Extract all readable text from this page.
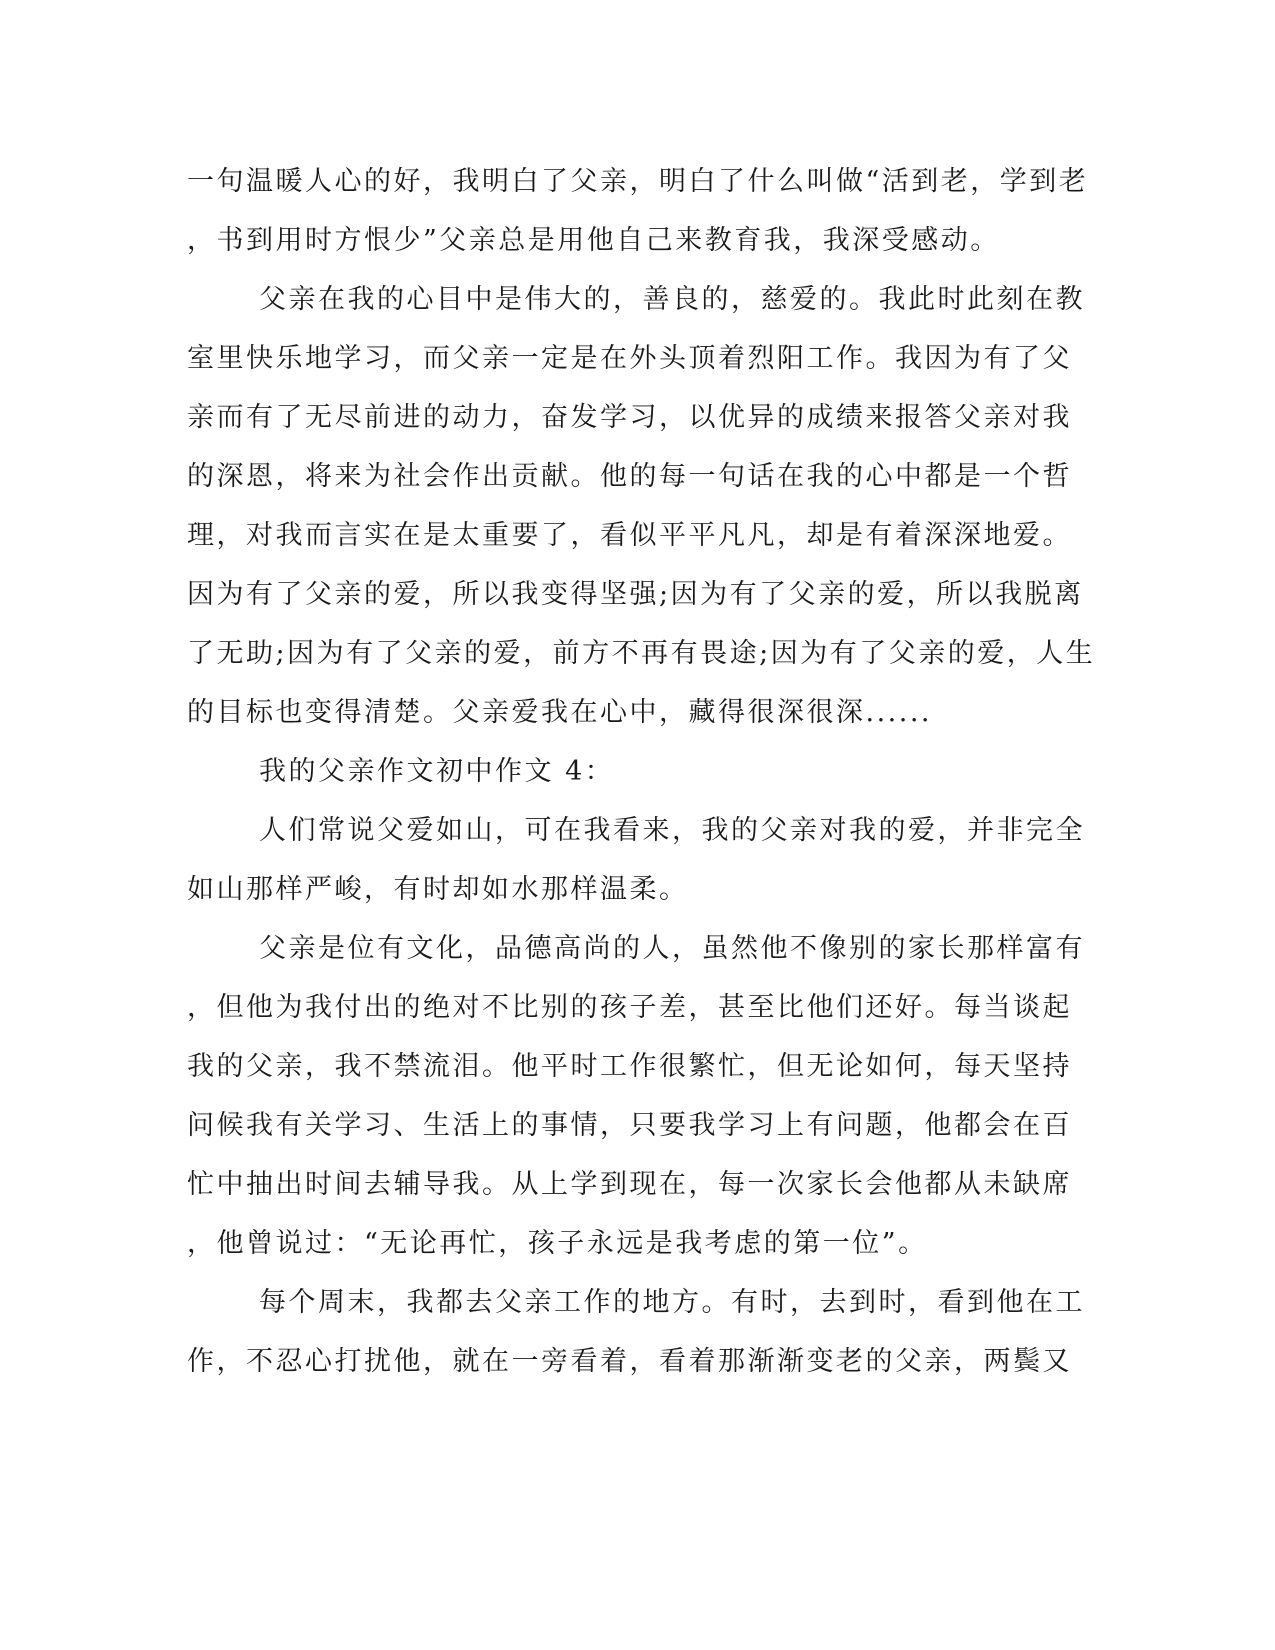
一句温暖人心的好，我明白了父亲，明白了什么叫做“活到老，学到老
，书到用时方恨少”父亲总是用他自己来教育我，我深受感动。
父亲在我的心目中是伟大的，善良的，慈爱的。我此时此刻在教
室里快乐地学习，而父亲一定是在外头顶着烈阳工作。我因为有了父
亲而有了无尽前进的动力，奋发学习，以优异的成绩来报答父亲对我
的深恩，将来为社会作出贡献。他的每一句话在我的心中都是一个哲
理，对我而言实在是太重要了，看似平平凡凡，却是有着深深地爱。
因为有了父亲的爱，所以我变得坚强;因为有了父亲的爱，所以我脱离
了无助;因为有了父亲的爱，前方不再有畏途;因为有了父亲的爱，人生
的目标也变得清楚。父亲爱我在心中，藏得很深很深......
我的父亲作文初中作文 4：
人们常说父爱如山，可在我看来，我的父亲对我的爱，并非完全
如山那样严峻，有时却如水那样温柔。
父亲是位有文化，品德高尚的人，虽然他不像别的家长那样富有
，但他为我付出的绝对不比别的孩子差，甚至比他们还好。每当谈起
我的父亲，我不禁流泪。他平时工作很繁忙，但无论如何，每天坚持
问候我有关学习、生活上的事情，只要我学习上有问题，他都会在百
忙中抽出时间去辅导我。从上学到现在，每一次家长会他都从未缺席
，他曾说过：“无论再忙，孩子永远是我考虑的第一位”。
每个周末，我都去父亲工作的地方。有时，去到时，看到他在工
作，不忍心打扰他，就在一旁看着，看着那渐渐变老的父亲，两鬓又
